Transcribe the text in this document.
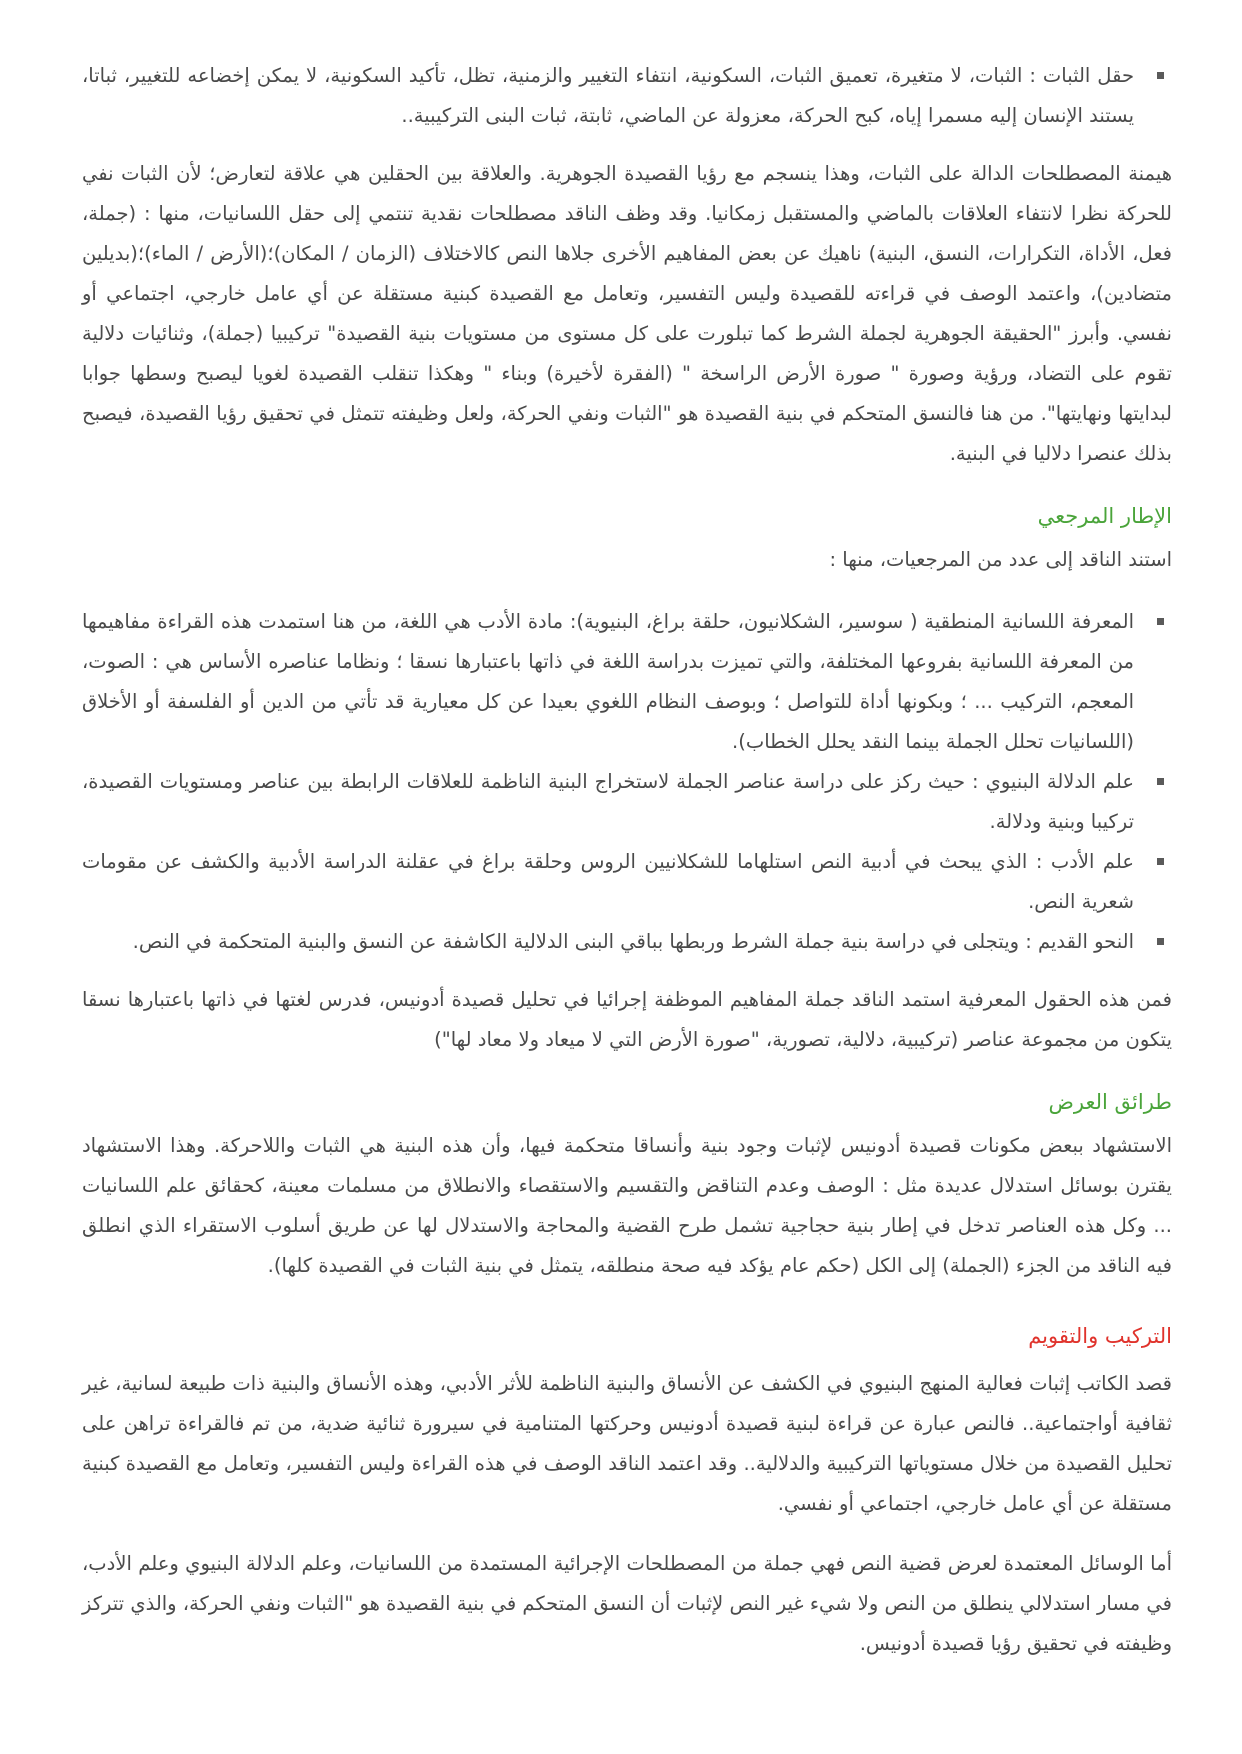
حقل الثبات : الثبات، لا متغيرة، تعميق الثبات، السكونية، انتفاء التغيير والزمنية، تظل، تأكيد السكونية، لا يمكن إخضاعه للتغيير، ثباتا، يستند الإنسان إليه مسمرا إياه، كبح الحركة، معزولة عن الماضي، ثابتة، ثبات البنى التركيبية..

هيمنة المصطلحات الدالة على الثبات، وهذا ينسجم مع رؤيا القصيدة الجوهرية. والعلاقة بين الحقلين هي علاقة لتعارض؛ لأن الثبات نفي للحركة نظرا لانتفاء العلاقات بالماضي والمستقبل زمكانيا. وقد وظف الناقد مصطلحات نقدية تنتمي إلى حقل اللسانيات، منها : (جملة، فعل، الأداة، التكرارات، النسق، البنية) ناهيك عن بعض المفاهيم الأخرى جلاها النص كالاختلاف (الزمان / المكان)؛(الأرض / الماء)؛(بديلين متضادين)، واعتمد الوصف في قراءته للقصيدة وليس التفسير، وتعامل مع القصيدة كبنية مستقلة عن أي عامل خارجي، اجتماعي أو نفسي. وأبرز "الحقيقة الجوهرية لجملة الشرط كما تبلورت على كل مستوى من مستويات بنية القصيدة" تركيبيا (جملة)، وثنائيات دلالية تقوم على التضاد، ورؤية وصورة " صورة الأرض الراسخة " (الفقرة لأخيرة) وبناء " وهكذا تنقلب القصيدة لغويا ليصبح وسطها جوابا لبدايتها ونهايتها". من هنا فالنسق المتحكم في بنية القصيدة هو "الثبات ونفي الحركة، ولعل وظيفته تتمثل في تحقيق رؤيا القصيدة، فيصبح بذلك عنصرا دلاليا في البنية.

الإطار المرجعي

استند الناقد إلى عدد من المرجعيات، منها :

المعرفة اللسانية المنطقية ( سوسير، الشكلانيون، حلقة براغ، البنيوية): مادة الأدب هي اللغة، من هنا استمدت هذه القراءة مفاهيمها من المعرفة اللسانية بفروعها المختلفة، والتي تميزت بدراسة اللغة في ذاتها باعتبارها نسقا ؛ ونظاما عناصره الأساس هي : الصوت، المعجم، التركيب ... ؛ وبكونها أداة للتواصل ؛ وبوصف النظام اللغوي بعيدا عن كل معيارية قد تأتي من الدين أو الفلسفة أو الأخلاق (اللسانيات تحلل الجملة بينما النقد يحلل الخطاب).
علم الدلالة البنيوي : حيث ركز على دراسة عناصر الجملة لاستخراج البنية الناظمة للعلاقات الرابطة بين عناصر ومستويات القصيدة، تركيبا وبنية ودلالة.
علم الأدب : الذي يبحث في أدبية النص استلهاما للشكلانيين الروس وحلقة براغ في عقلنة الدراسة الأدبية والكشف عن مقومات شعرية النص.
النحو القديم : ويتجلى في دراسة بنية جملة الشرط وربطها بباقي البنى الدلالية الكاشفة عن النسق والبنية المتحكمة في النص.

فمن هذه الحقول المعرفية استمد الناقد جملة المفاهيم الموظفة إجرائيا في تحليل قصيدة أدونيس، فدرس لغتها في ذاتها باعتبارها نسقا يتكون من مجموعة عناصر (تركيبية، دلالية، تصورية، "صورة الأرض التي لا ميعاد ولا معاد لها")

طرائق العرض

الاستشهاد ببعض مكونات قصيدة أدونيس لإثبات وجود بنية وأنساقا متحكمة فيها، وأن هذه البنية هي الثبات واللاحركة. وهذا الاستشهاد يقترن بوسائل استدلال عديدة مثل : الوصف وعدم التناقض والتقسيم والاستقصاء والانطلاق من مسلمات معينة، كحقائق علم اللسانيات ... وكل هذه العناصر تدخل في إطار بنية حجاجية تشمل طرح القضية والمحاجة والاستدلال لها عن طريق أسلوب الاستقراء الذي انطلق فيه الناقد من الجزء (الجملة) إلى الكل (حكم عام يؤكد فيه صحة منطلقه، يتمثل في بنية الثبات في القصيدة كلها).

التركيب والتقويم

قصد الكاتب إثبات فعالية المنهج البنيوي في الكشف عن الأنساق والبنية الناظمة للأثر الأدبي، وهذه الأنساق والبنية ذات طبيعة لسانية، غير ثقافية أواجتماعية.. فالنص عبارة عن قراءة لبنية قصيدة أدونيس وحركتها المتنامية في سيرورة ثنائية ضدية، من تم فالقراءة تراهن على تحليل القصيدة من خلال مستوياتها التركيبية والدلالية.. وقد اعتمد الناقد الوصف في هذه القراءة وليس التفسير، وتعامل مع القصيدة كبنية مستقلة عن أي عامل خارجي، اجتماعي أو نفسي.

أما الوسائل المعتمدة لعرض قضية النص فهي جملة من المصطلحات الإجرائية المستمدة من اللسانيات، وعلم الدلالة البنيوي وعلم الأدب، في مسار استدلالي ينطلق من النص ولا شيء غير النص لإثبات أن النسق المتحكم في بنية القصيدة هو "الثبات ونفي الحركة، والذي تتركز وظيفته في تحقيق رؤيا قصيدة أدونيس.
